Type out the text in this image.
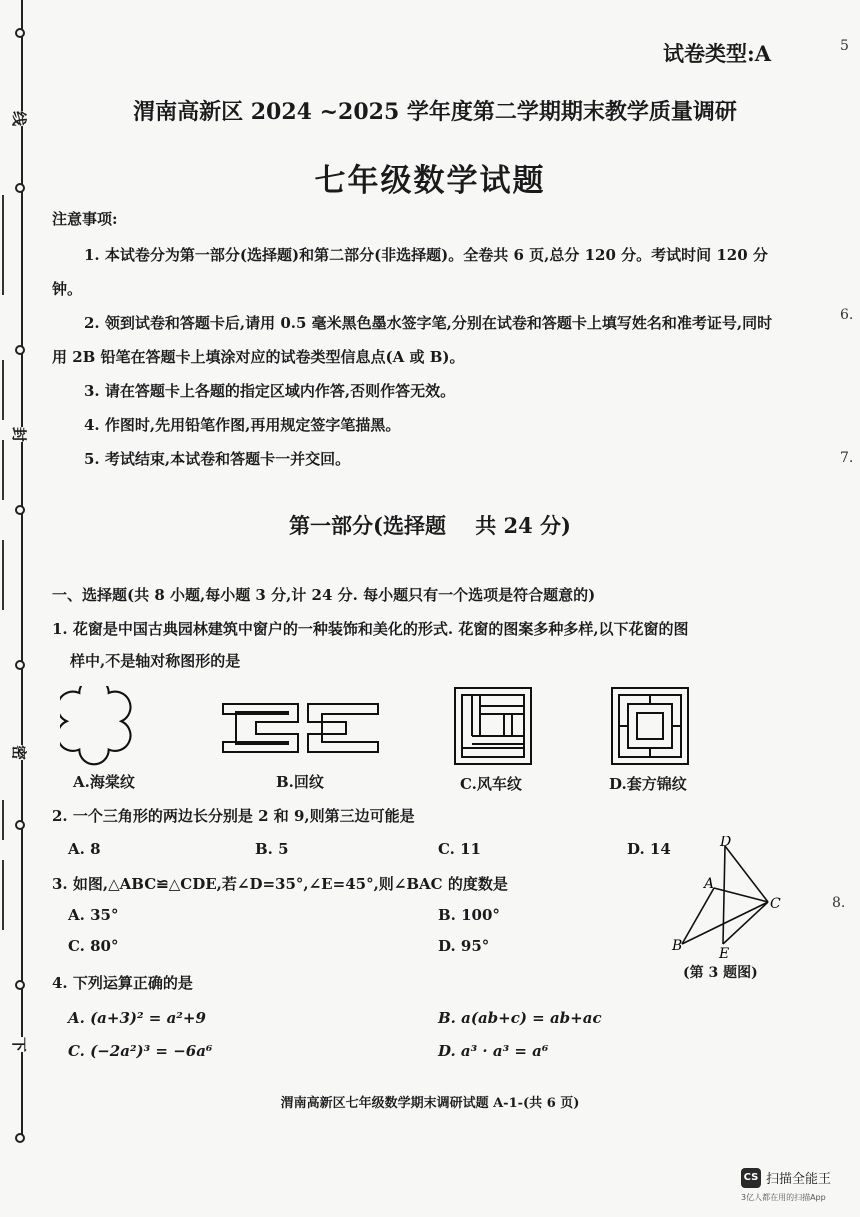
线
封
密
下
5
6.
7.
8.
试卷类型:A
渭南高新区 2024 ~2025 学年度第二学期期末教学质量调研
七年级数学试题
注意事项:

1. 本试卷分为第一部分(选择题)和第二部分(非选择题)。全卷共 6 页,总分 120 分。考试时间 120 分钟。

2. 领到试卷和答题卡后,请用 0.5 毫米黑色墨水签字笔,分别在试卷和答题卡上填写姓名和准考证号,同时用 2B 铅笔在答题卡上填涂对应的试卷类型信息点(A 或 B)。

3. 请在答题卡上各题的指定区域内作答,否则作答无效。

4. 作图时,先用铅笔作图,再用规定签字笔描黑。

5. 考试结束,本试卷和答题卡一并交回。

第一部分(选择题    共 24 分)
一、选择题(共 8 小题,每小题 3 分,计 24 分. 每小题只有一个选项是符合题意的)
1. 花窗是中国古典园林建筑中窗户的一种装饰和美化的形式. 花窗的图案多种多样,以下花窗的图
样中,不是轴对称图形的是
A.海棠纹	B.回纹	C.风车纹	D.套方锦纹
2. 一个三角形的两边长分别是 2 和 9,则第三边可能是
A. 8	B. 5	C. 11	D. 14
3. 如图,△ABC≌△CDE,若∠D=35°,∠E=45°,则∠BAC 的度数是
A. 35°	B. 100°
C. 80°	D. 95°
D
A
C
B	E
(第 3 题图)
4. 下列运算正确的是
A. (a+3)² = a²+9	B. a(ab+c) = ab+ac
C. (−2a²)³ = −6a⁶	D. a³ · a³ = a⁶
渭南高新区七年级数学期末调研试题 A-1-(共 6 页)
CS 扫描全能王
3亿人都在用的扫描App
